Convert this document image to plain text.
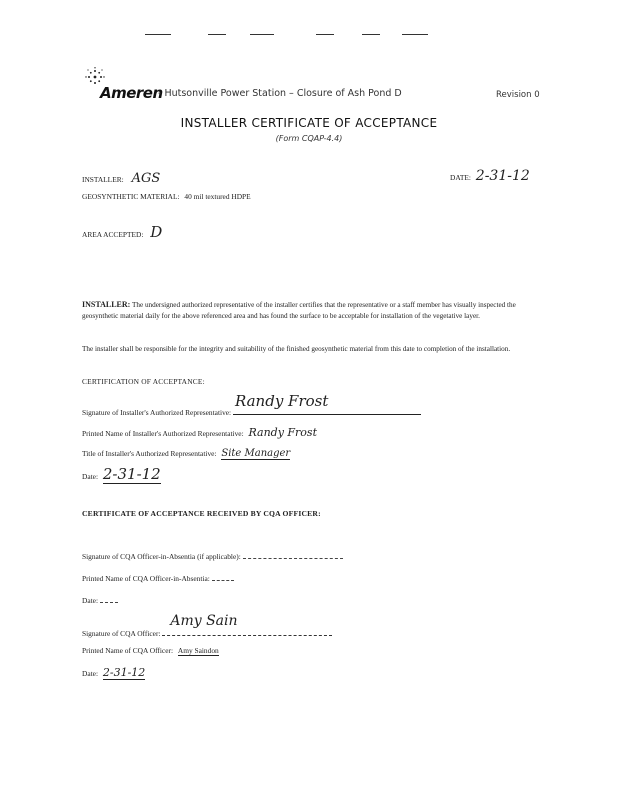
Ameren
- Hutsonville Power Station – Closure of Ash Pond D	Revision 0
INSTALLER CERTIFICATE OF ACCEPTANCE
(Form CQAP-4.4)
INSTALLER: AGS	DATE: 2-31-12
GEOSYNTHETIC MATERIAL: 40 mil textured HDPE
AREA ACCEPTED: D
INSTALLER: The undersigned authorized representative of the installer certifies that the representative or a staff member has visually inspected the geosynthetic material daily for the above referenced area and has found the surface to be acceptable for installation of the vegetative layer.
The installer shall be responsible for the integrity and suitability of the finished geosynthetic material from this date to completion of the installation.
CERTIFICATION OF ACCEPTANCE:
Signature of Installer's Authorized Representative:
Randy Frost
Printed Name of Installer's Authorized Representative: Randy Frost
Title of Installer's Authorized Representative: Site Manager
Date: 2-31-12
CERTIFICATE OF ACCEPTANCE RECEIVED BY CQA OFFICER:
Signature of CQA Officer-in-Absentia (if applicable):
Printed Name of CQA Officer-in-Absentia:
Date:
Signature of CQA Officer:
Amy Sain
Printed Name of CQA Officer: Amy Saindon
Date: 2-31-12
